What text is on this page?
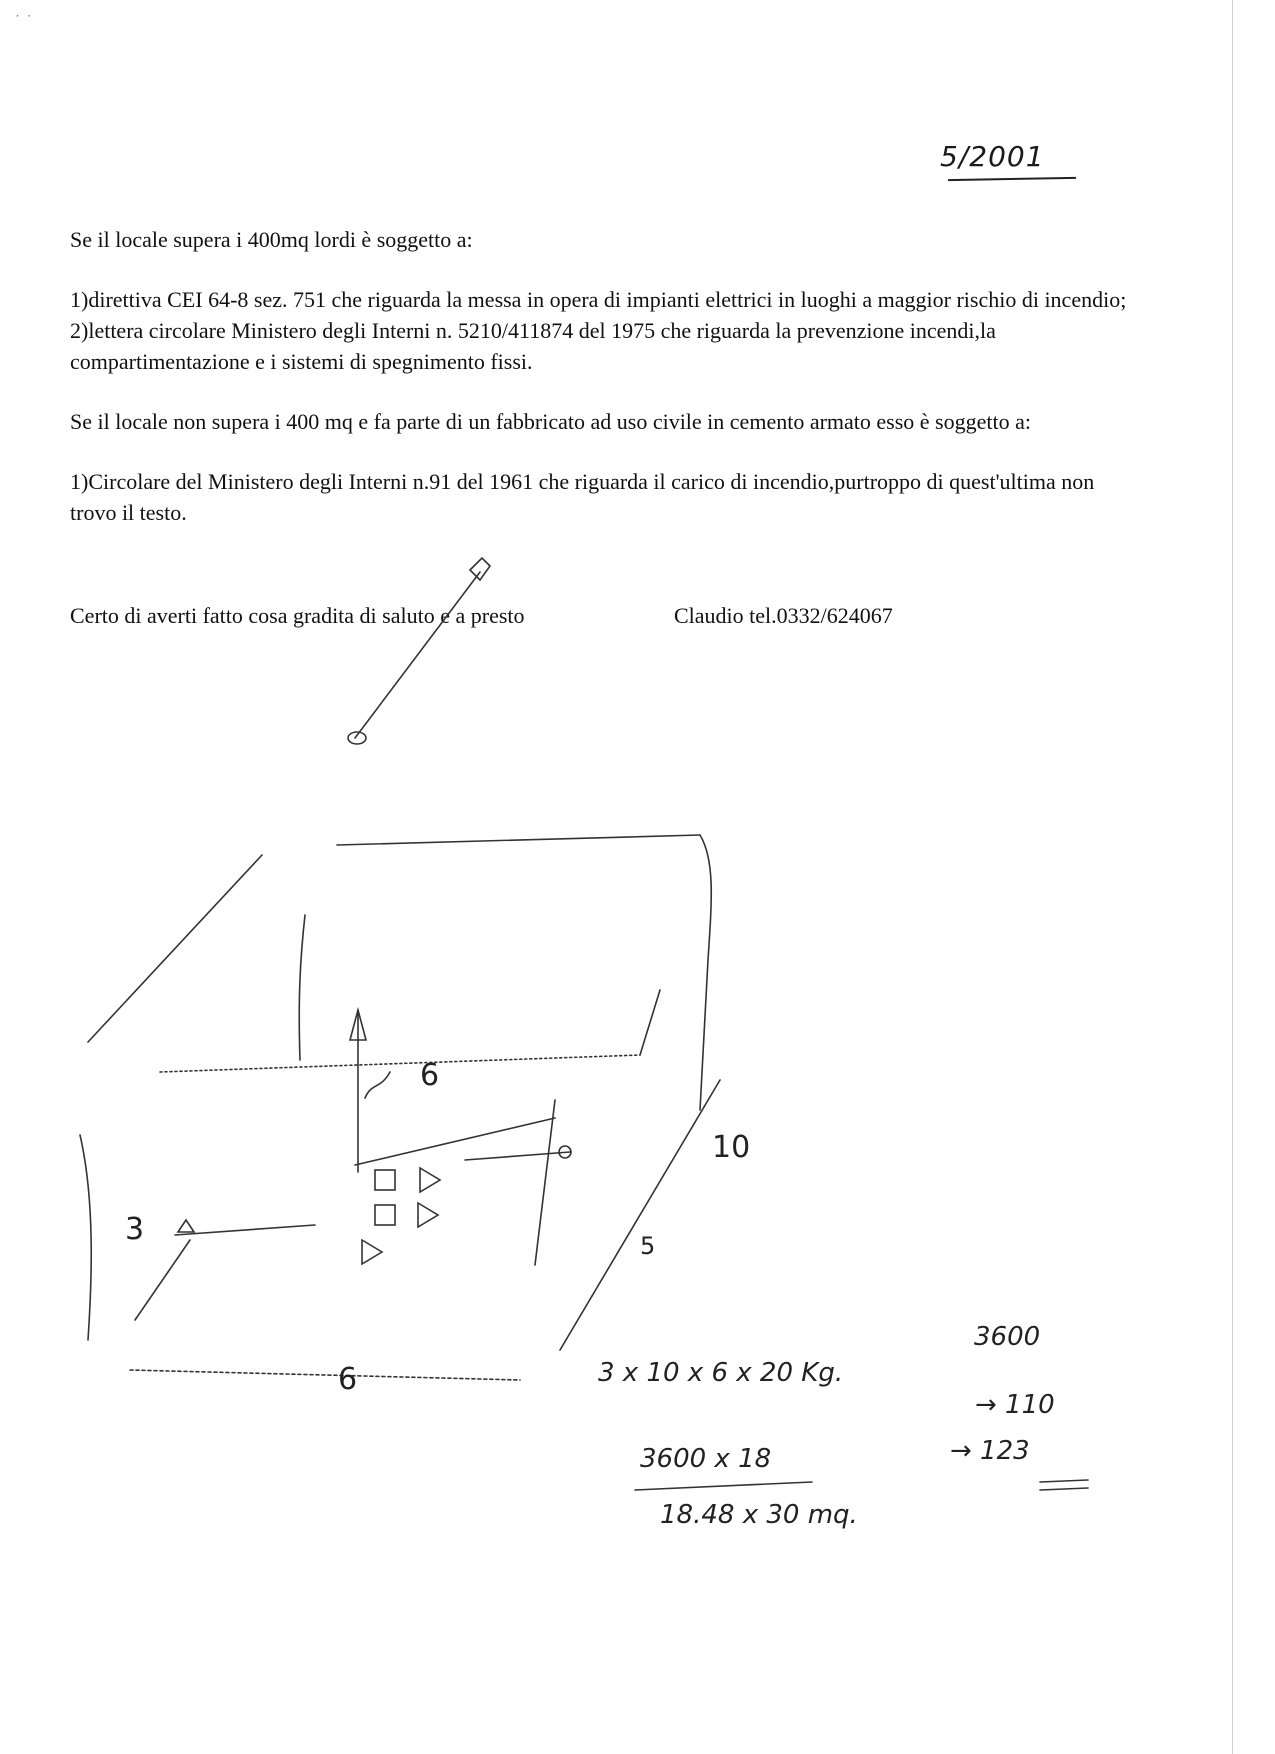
˙ ˙
5/2001

Se il locale supera i 400mq lordi è soggetto a:

1)direttiva CEI 64-8 sez. 751 che riguarda la messa in opera di impianti elettrici in luoghi a maggior rischio di incendio;

2)lettera circolare Ministero degli Interni n. 5210/411874 del 1975 che riguarda la prevenzione incendi,la compartimentazione e i sistemi di spegnimento fissi.

Se il locale non supera i 400 mq e fa parte di un fabbricato ad uso civile in cemento armato esso è soggetto a:

1)Circolare del Ministero degli Interni n.91 del 1961 che riguarda il carico di incendio,purtroppo di quest'ultima non trovo il testo.

Certo di averti fatto cosa gradita di saluto e a presto	Claudio tel.0332/624067
6
10
5
3
6	3 x 10 x 6 x 20 Kg.
3600
3600 x 18
18.48 x 30 mq.
→ 110
→ 123
